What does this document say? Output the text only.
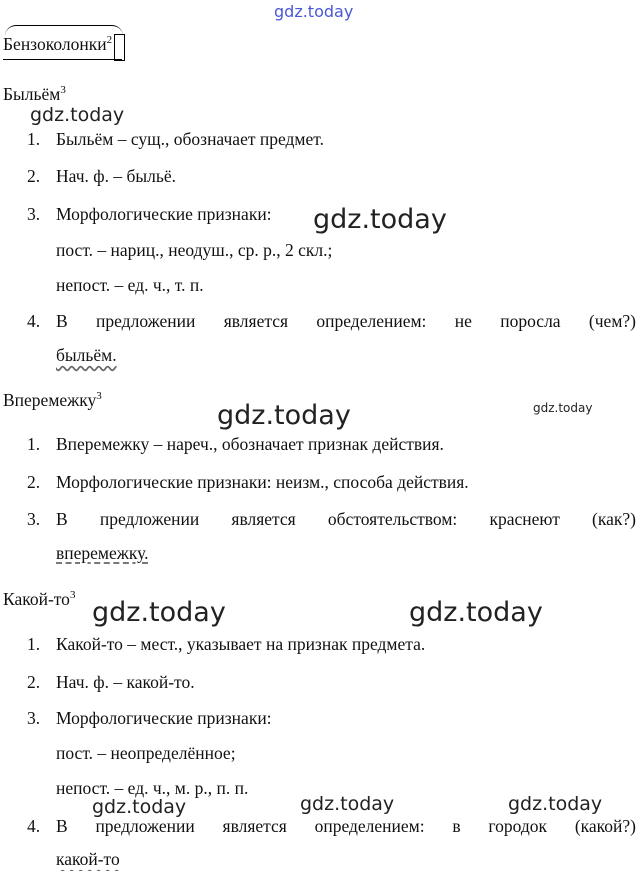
gdz.today
Бензоколонки$^2$
Быльём$^3$
gdz.today
1. Быльём – сущ., обозначает предмет.
2. Нач. ф. – быльё.
3. Морфологические признаки: gdz.today
пост. – нариц., неодуш., ср. р., 2 скл.;
непост. – ед. ч., т. п.
4. В предложении является определением: не поросла (чем?)
быльём.
Вперемежку$^3$
gdz.today	gdz.today
1. Вперемежку – нареч., обозначает признак действия.
2. Морфологические признаки: неизм., способа действия.
3. В предложении является обстоятельством: краснеют (как?)
вперемежку.
Какой-$то^3$
gdz.today	gdz.today
1. Какой-то – мест., указывает на признак предмета.
2. Нач. ф. – какой-то.
3. Морфологические признаки:
пост. – неопределённое;
непост. – ед. ч., м. р., п. п.
gdz.today	gdz.today	gdz.today
4. В предложении является определением: в городок (какой?)
какой-то
